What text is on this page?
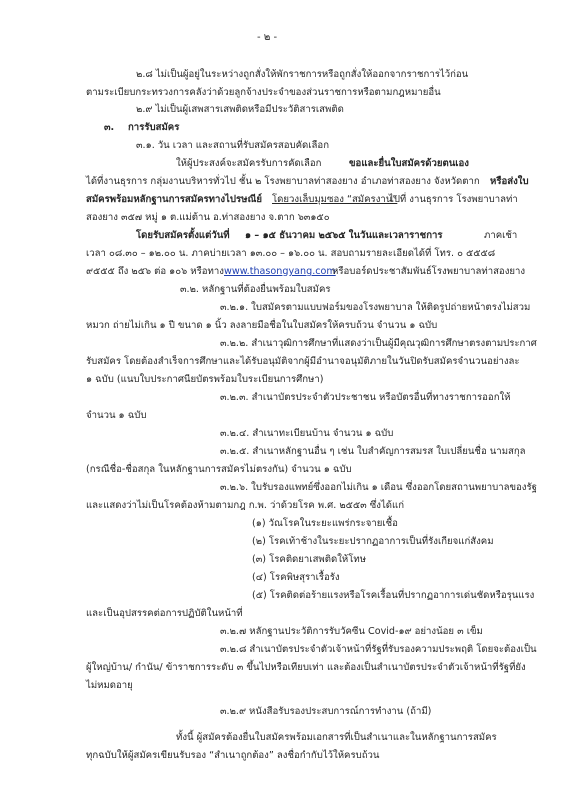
- ๒ -
๒.๘ ไม่เป็นผู้อยู่ในระหว่างถูกสั่งให้พักราชการหรือถูกสั่งให้ออกจากราชการไว้ก่อน
ตามระเบียบกระทรวงการคลังว่าด้วยลูกจ้างประจำของส่วนราชการหรือตามกฎหมายอื่น
๒.๙ ไม่เป็นผู้เสพสารเสพติดหรือมีประวัติสารเสพติด
๓. การรับสมัคร
๓.๑. วัน เวลา และสถานที่รับสมัครสอบคัดเลือก
ให้ผู้ประสงค์จะสมัครรับการคัดเลือก	ขอและยื่นใบสมัครด้วยตนเอง
ได้ที่งานธุรการ กลุ่มงานบริหารทั่วไป ชั้น ๒ โรงพยาบาลท่าสองยาง อำเภอท่าสองยาง จังหวัดตาก หรือส่งใบ
สมัครพร้อมหลักฐานการสมัครทางไปรษณีย์ โดยวงเล็บมุมซอง “สมัครงาน”
ไปที่ งานธุรการ โรงพยาบาลท่า
สองยาง ๓๕๗ หมู่ ๑ ต.แม่ต้าน อ.ท่าสองยาง จ.ตาก ๖๓๑๕๐
โดยรับสมัครตั้งแต่วันที่ ๑ – ๑๕ ธันวาคม ๒๕๖๕ ในวันและเวลาราชการ	ภาคเช้า
เวลา ๐๘.๓๐ – ๑๒.๐๐ น. ภาคบ่ายเวลา ๑๓.๐๐ – ๑๖.๐๐ น. สอบถามรายละเอียดได้ที่ โทร. ๐ ๕๕๕๘
๙๕๕๕ ถึง ๒๕๖ ต่อ ๑๐๖ หรือทาง www.thasongyang.com
หรือบอร์ดประชาสัมพันธ์โรงพยาบาลท่าสองยาง
๓.๒. หลักฐานที่ต้องยื่นพร้อมใบสมัคร
๓.๒.๑. ใบสมัครตามแบบฟอร์มของโรงพยาบาล ให้ติดรูปถ่ายหน้าตรงไม่สวม
หมวก ถ่ายไม่เกิน ๑ ปี ขนาด ๑ นิ้ว ลงลายมือชื่อในใบสมัครให้ครบถ้วน จำนวน ๑ ฉบับ
๓.๒.๒. สำเนาวุฒิการศึกษาที่แสดงว่าเป็นผู้มีคุณวุฒิการศึกษาตรงตามประกาศ
รับสมัคร โดยต้องสำเร็จการศึกษาและได้รับอนุมัติจากผู้มีอำนาจอนุมัติภายในวันปิดรับสมัครจำนวนอย่างละ
๑ ฉบับ (แนบใบประกาศนียบัตรพร้อมใบระเบียนการศึกษา)
๓.๒.๓. สำเนาบัตรประจำตัวประชาชน หรือบัตรอื่นที่ทางราชการออกให้
จำนวน ๑ ฉบับ
๓.๒.๔. สำเนาทะเบียนบ้าน จำนวน ๑ ฉบับ
๓.๒.๕. สำเนาหลักฐานอื่น ๆ เช่น ใบสำคัญการสมรส ใบเปลี่ยนชื่อ นามสกุล
(กรณีชื่อ-ชื่อสกุล ในหลักฐานการสมัครไม่ตรงกัน) จำนวน ๑ ฉบับ
๓.๒.๖. ใบรับรองแพทย์ซึ่งออกไม่เกิน ๑ เดือน ซึ่งออกโดยสถานพยาบาลของรัฐ
และแสดงว่าไม่เป็นโรคต้องห้ามตามกฎ ก.พ. ว่าด้วยโรค พ.ศ. ๒๕๕๓ ซึ่งได้แก่
(๑) วัณโรคในระยะแพร่กระจายเชื้อ
(๒) โรคเท้าช้างในระยะปรากฏอาการเป็นที่รังเกียจแก่สังคม
(๓) โรคติดยาเสพติดให้โทษ
(๔) โรคพิษสุราเรื้อรัง
(๕) โรคติดต่อร้ายแรงหรือโรคเรื้อนที่ปรากฏอาการเด่นชัดหรือรุนแรง
และเป็นอุปสรรคต่อการปฏิบัติในหน้าที่
๓.๒.๗ หลักฐานประวัติการรับวัคซีน Covid-๑๙ อย่างน้อย ๓ เข็ม
๓.๒.๘ สำเนาบัตรประจำตัวเจ้าหน้าที่รัฐที่รับรองความประพฤติ โดยจะต้องเป็น
ผู้ใหญ่บ้าน/ กำนัน/ ข้าราชการระดับ ๓ ขึ้นไปหรือเทียบเท่า และต้องเป็นสำเนาบัตรประจำตัวเจ้าหน้าที่รัฐที่ยัง
ไม่หมดอายุ
๓.๒.๙ หนังสือรับรองประสบการณ์การทำงาน (ถ้ามี)
ทั้งนี้ ผู้สมัครต้องยื่นใบสมัครพร้อมเอกสารที่เป็นสำเนาและในหลักฐานการสมัคร
ทุกฉบับให้ผู้สมัครเขียนรับรอง “สำเนาถูกต้อง” ลงชื่อกำกับไว้ให้ครบถ้วน
